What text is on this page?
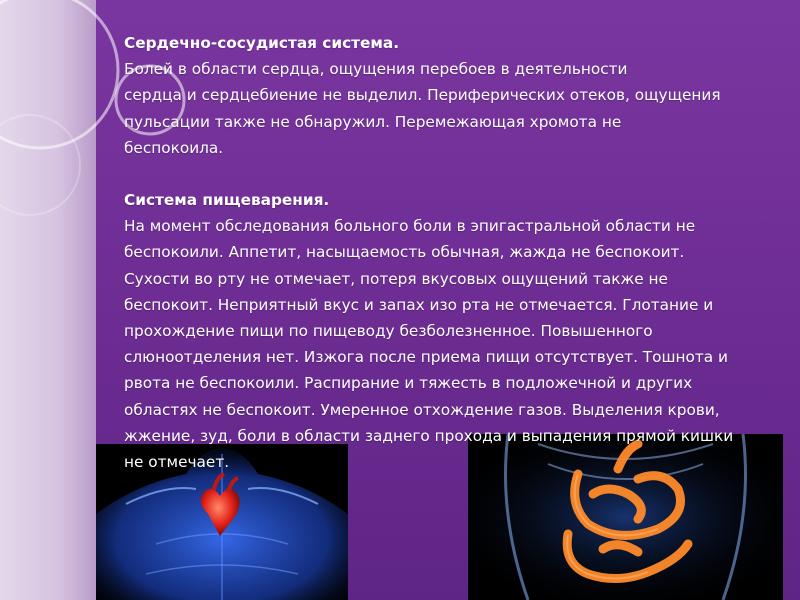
Сердечно-сосудистая система.
Болей в области сердца, ощущения перебоев в деятельности
сердца и сердцебиение не выделил. Периферических отеков, ощущения
пульсации также не обнаружил. Перемежающая хромота не
беспокоила.
Система пищеварения.
На момент обследования больного боли в эпигастральной области не
беспокоили. Аппетит, насыщаемость обычная, жажда не беспокоит.
Сухости во рту не отмечает, потеря вкусовых ощущений также не
беспокоит. Неприятный вкус и запах изо рта не отмечается. Глотание и
прохождение пищи по пищеводу безболезненное. Повышенного
слюноотделения нет. Изжога после приема пищи отсутствует. Тошнота и
рвота не беспокоили. Распирание и тяжесть в подложечной и других
областях не беспокоит. Умеренное отхождение газов. Выделения крови,
жжение, зуд, боли в области заднего прохода и выпадения прямой кишки
не отмечает.
